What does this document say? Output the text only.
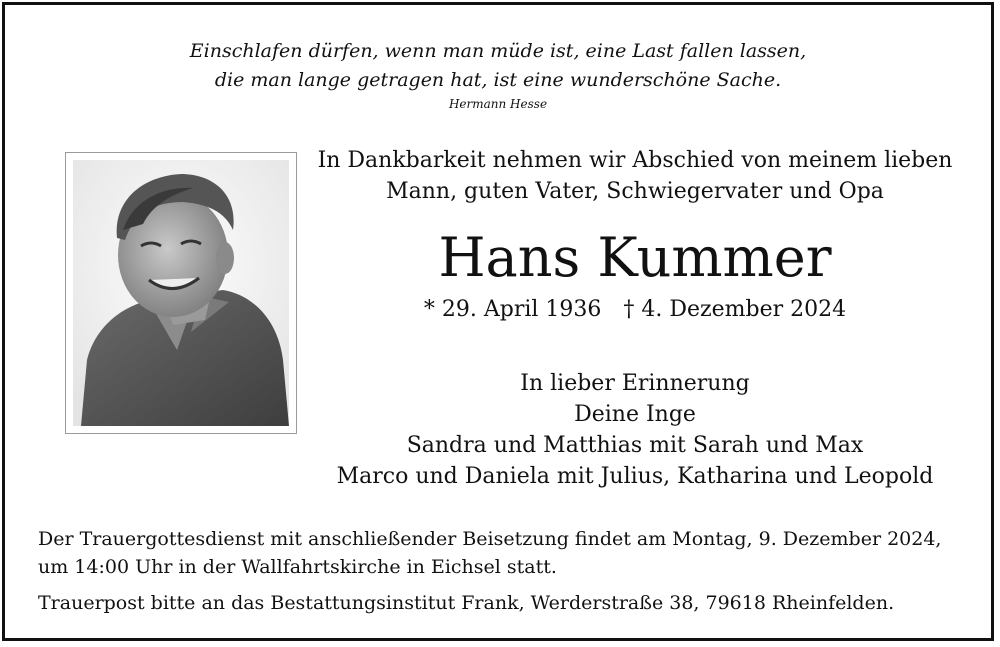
Einschlafen dürfen, wenn man müde ist, eine Last fallen lassen,
die man lange getragen hat, ist eine wunderschöne Sache.
Hermann Hesse
In Dankbarkeit nehmen wir Abschied von meinem lieben
Mann, guten Vater, Schwiegervater und Opa
Hans Kummer
* 29. April 1936 † 4. Dezember 2024
In lieber Erinnerung
Deine Inge
Sandra und Matthias mit Sarah und Max
Marco und Daniela mit Julius, Katharina und Leopold
Der Trauergottesdienst mit anschließender Beisetzung findet am Montag, 9. Dezember 2024,
um 14:00 Uhr in der Wallfahrtskirche in Eichsel statt.
Trauerpost bitte an das Bestattungsinstitut Frank, Werderstraße 38, 79618 Rheinfelden.
